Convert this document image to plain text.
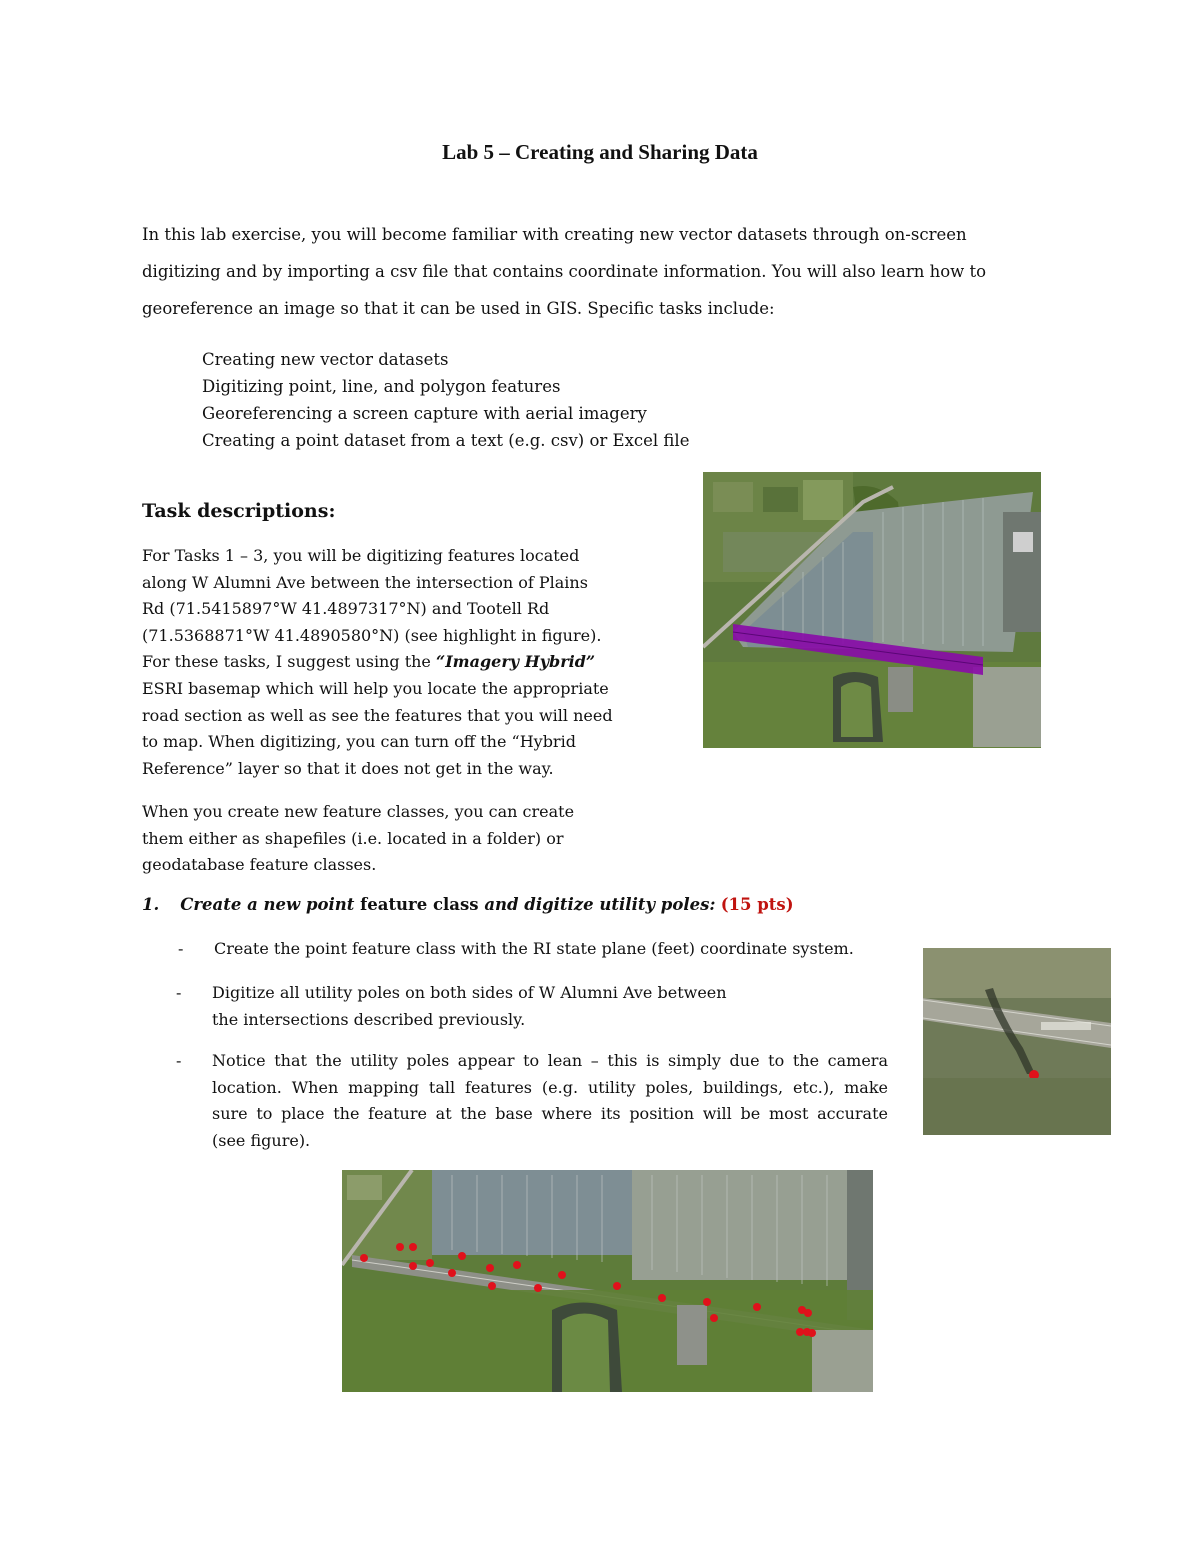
Lab 5 – Creating and Sharing Data

In this lab exercise, you will become familiar with creating new vector datasets through on-screen

digitizing and by importing a csv file that contains coordinate information. You will also learn how to

georeference an image so that it can be used in GIS. Specific tasks include:

Creating new vector datasets
Digitizing point, line, and polygon features
Georeferencing a screen capture with aerial imagery
Creating a point dataset from a text (e.g. csv) or Excel file
Task descriptions:
For Tasks 1 – 3, you will be digitizing features located
along W Alumni Ave between the intersection of Plains
Rd (71.5415897°W 41.4897317°N) and Tootell Rd
(71.5368871°W 41.4890580°N) (see highlight in figure).
For these tasks, I suggest using the “Imagery Hybrid”
ESRI basemap which will help you locate the appropriate
road section as well as see the features that you will need
to map. When digitizing, you can turn off the “Hybrid
Reference” layer so that it does not get in the way.
When you create new feature classes, you can create
them either as shapefiles (i.e. located in a folder) or
geodatabase feature classes.
1. Create a new point feature class and digitize utility poles: (15 pts)
- Create the point feature class with the RI state plane (feet) coordinate system.
- Digitize all utility poles on both sides of W Alumni Ave between
the intersections described previously.
- Notice that the utility poles appear to lean – this is simply due to the camera
location. When mapping tall features (e.g. utility poles, buildings, etc.), make
sure to place the feature at the base where its position will be most accurate
(see figure).
